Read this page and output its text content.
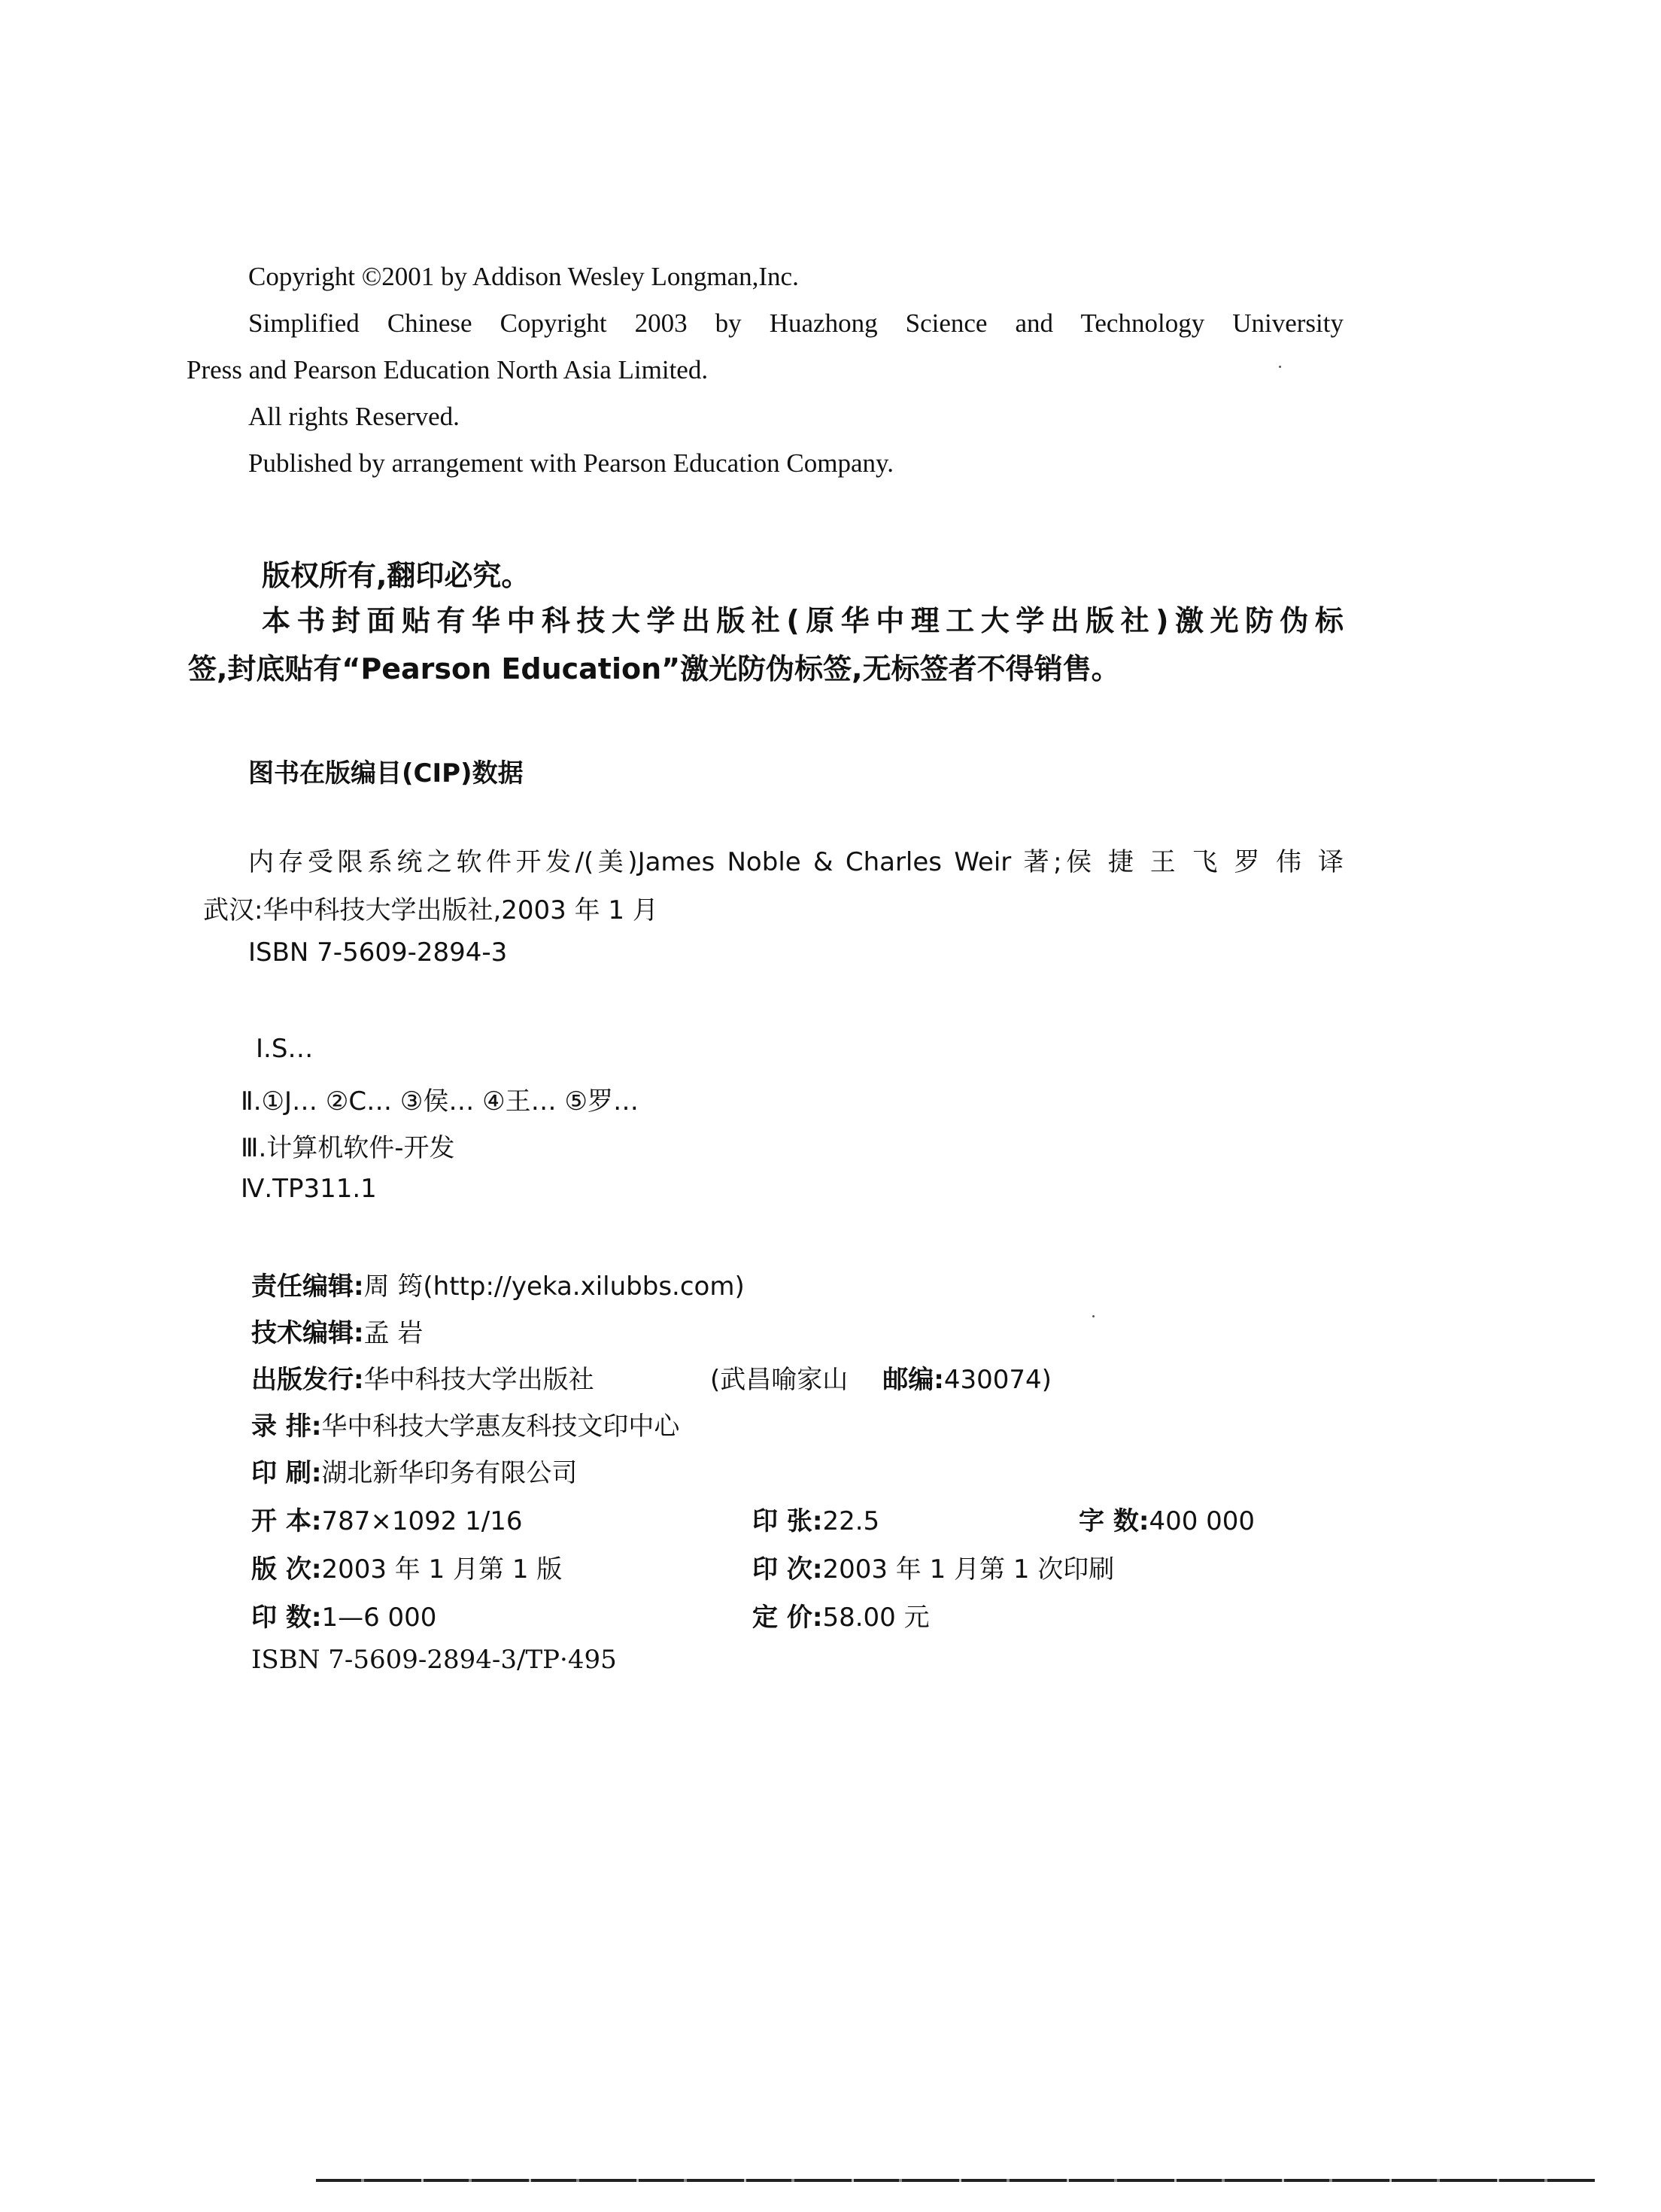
Copyright ©2001 by Addison Wesley Longman,Inc.
Simplified Chinese Copyright 2003 by Huazhong Science and Technology University
Press and Pearson Education North Asia Limited.
All rights Reserved.
Published by arrangement with Pearson Education Company.
版权所有,翻印必究。
本书封面贴有华中科技大学出版社(原华中理工大学出版社)激光防伪标
签,封底贴有“Pearson Education”激光防伪标签,无标签者不得销售。
图书在版编目(CIP)数据
内存受限系统之软件开发/(美)James Noble & Charles Weir 著;侯 捷 王 飞 罗 伟 译
武汉:华中科技大学出版社,2003 年 1 月
ISBN 7-5609-2894-3
Ⅰ.S…
Ⅱ.①J… ②C… ③侯… ④王… ⑤罗…
Ⅲ.计算机软件-开发
Ⅳ.TP311.1
责任编辑:周 筠(http://yeka.xilubbs.com)
技术编辑:孟 岩
出版发行:华中科技大学出版社	(武昌喻家山 邮编:430074)
录 排:华中科技大学惠友科技文印中心
印 刷:湖北新华印务有限公司
开 本:787×1092 1/16	印 张:22.5	字 数:400 000
版 次:2003 年 1 月第 1 版	印 次:2003 年 1 月第 1 次印刷
印 数:1—6 000	定 价:58.00 元
ISBN 7-5609-2894-3/TP·495
